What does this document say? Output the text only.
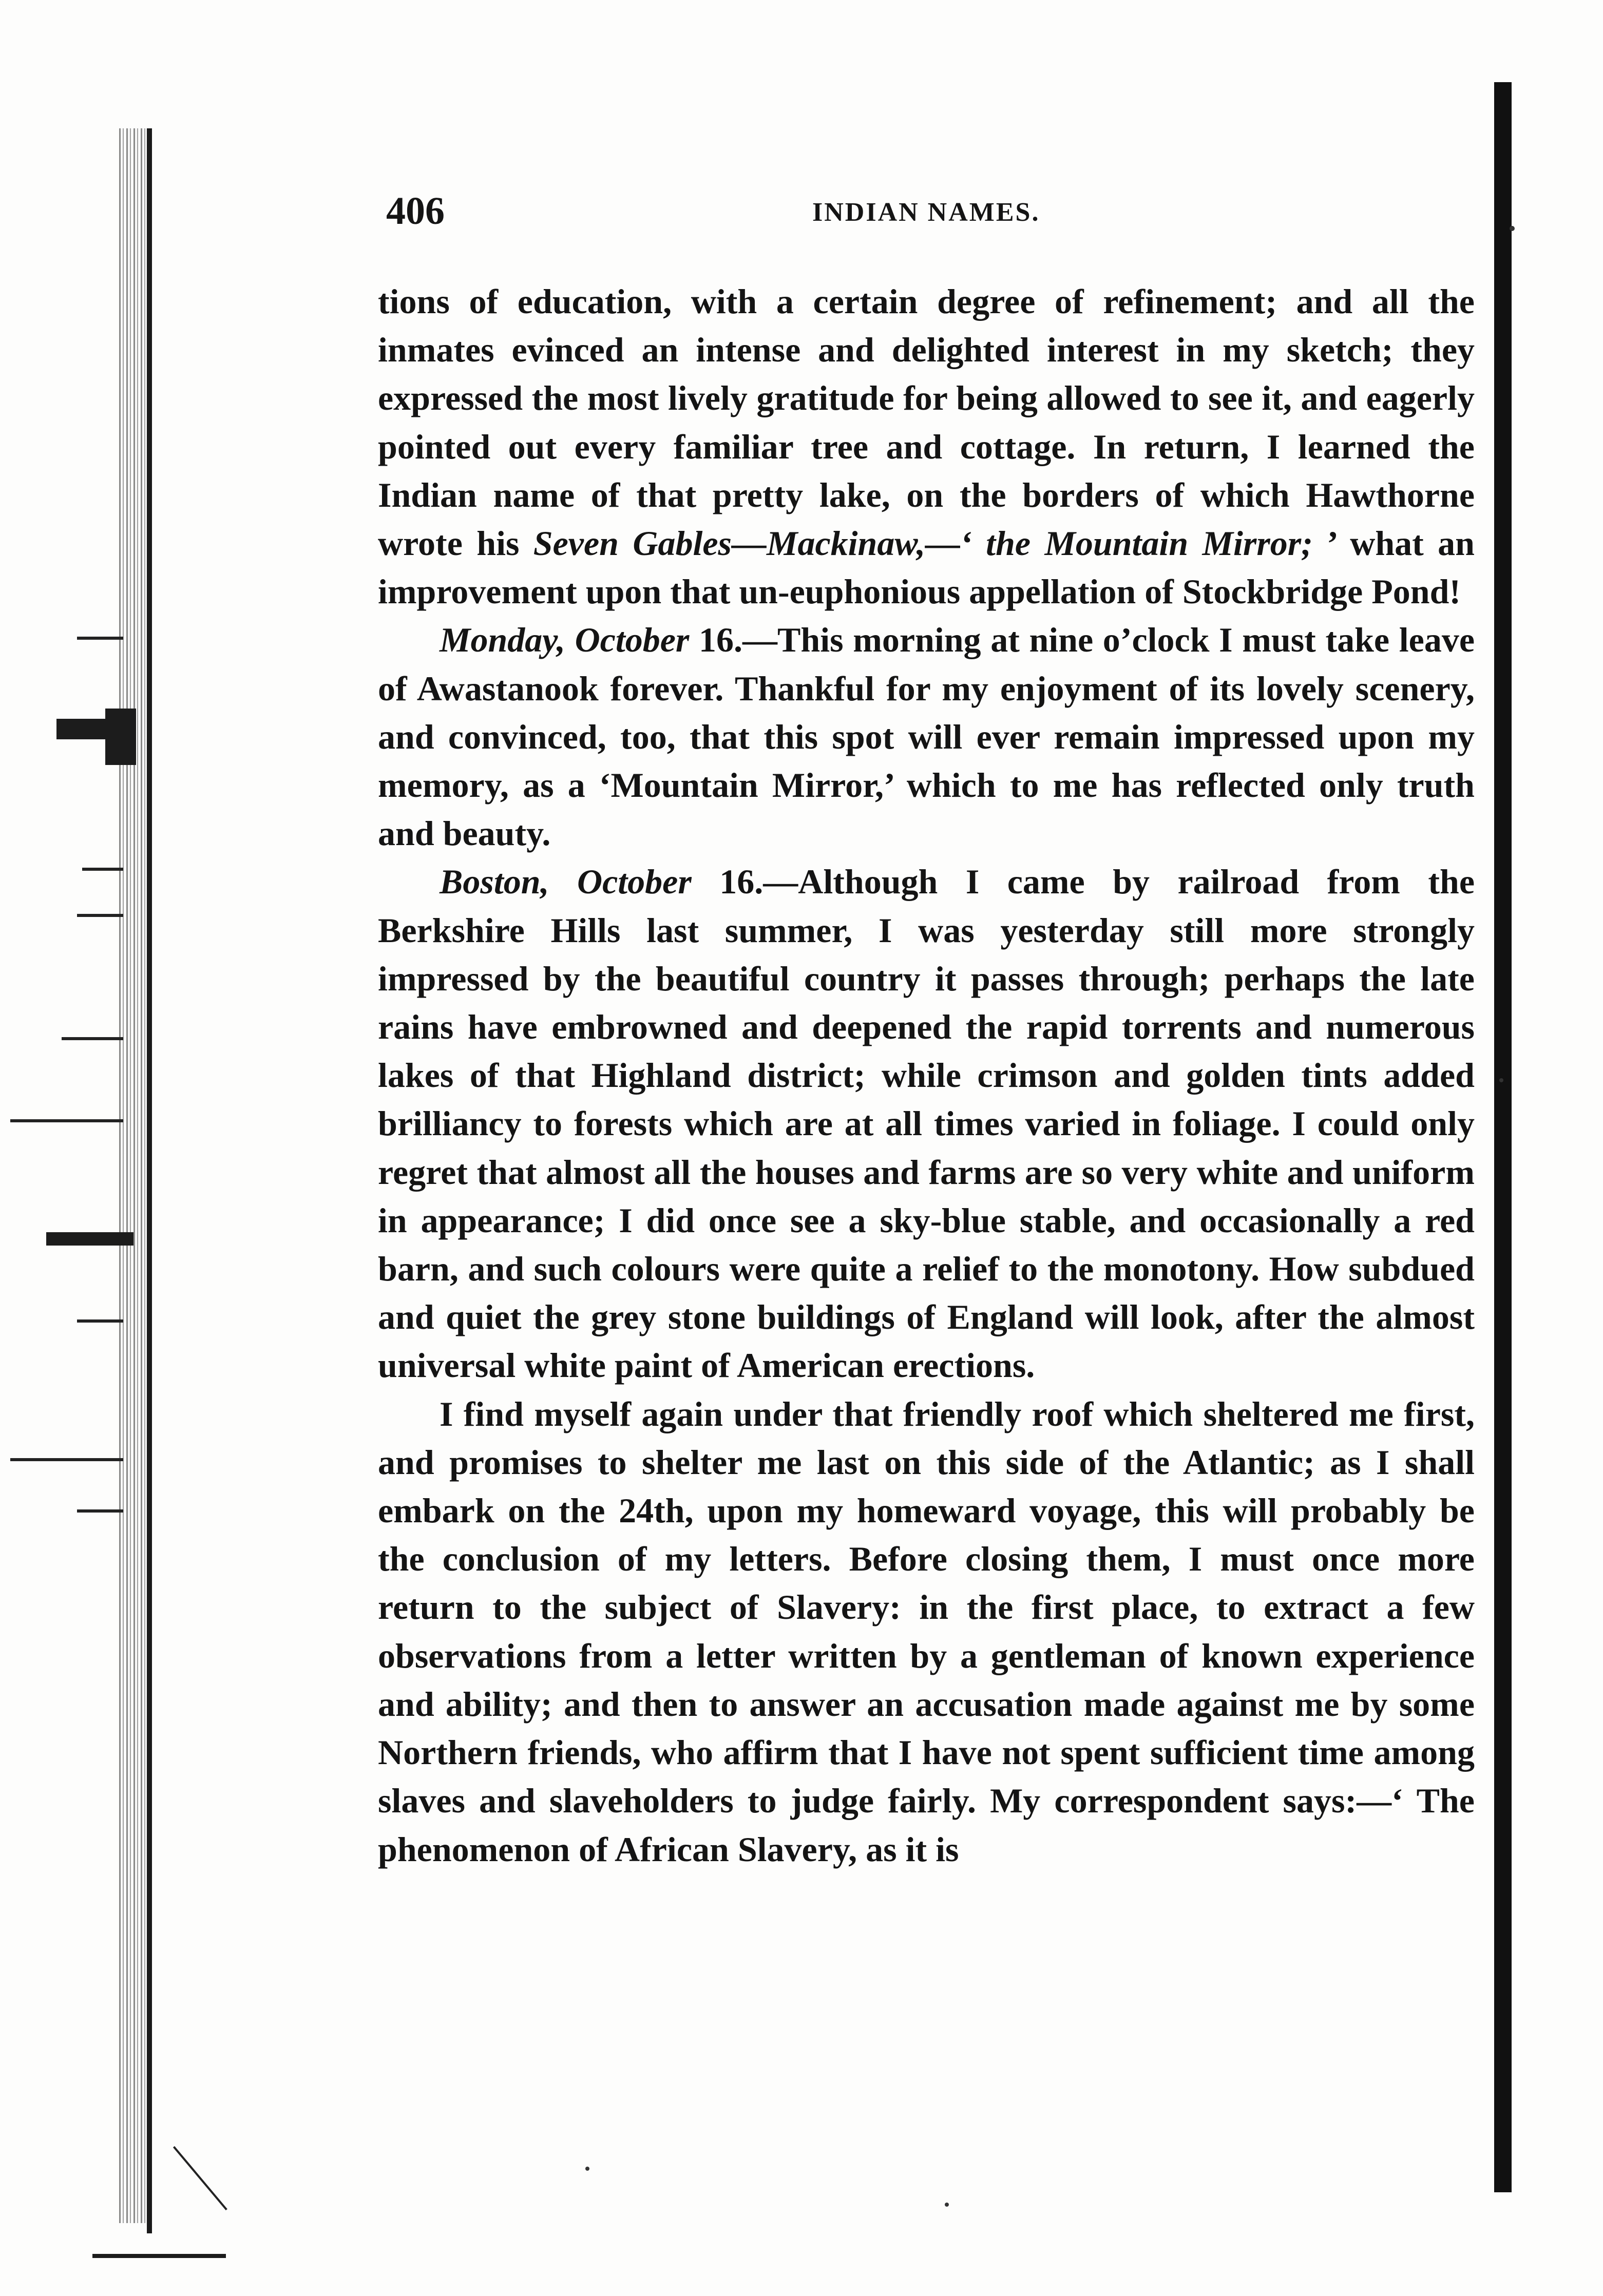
406	INDIAN NAMES.

tions of education, with a certain degree of refinement; and all the inmates evinced an intense and delighted interest in my sketch; they expressed the most lively gratitude for being allowed to see it, and eagerly pointed out every familiar tree and cottage. In return, I learned the Indian name of that pretty lake, on the borders of which Hawthorne wrote his Seven Gables—Mackinaw,—‘ the Mountain Mirror; ’ what an improvement upon that un-euphonious appellation of Stockbridge Pond!

Monday, October 16.—This morning at nine o’clock I must take leave of Awastanook forever. Thankful for my enjoyment of its lovely scenery, and convinced, too, that this spot will ever remain impressed upon my memory, as a ‘Mountain Mirror,’ which to me has reflected only truth and beauty.

Boston, October 16.—Although I came by railroad from the Berkshire Hills last summer, I was yesterday still more strongly impressed by the beautiful country it passes through; perhaps the late rains have embrowned and deepened the rapid torrents and numerous lakes of that Highland district; while crimson and golden tints added brilliancy to forests which are at all times varied in foliage. I could only regret that almost all the houses and farms are so very white and uniform in appearance; I did once see a sky-blue stable, and occasionally a red barn, and such colours were quite a relief to the monotony. How subdued and quiet the grey stone buildings of England will look, after the almost universal white paint of American erections.

I find myself again under that friendly roof which sheltered me first, and promises to shelter me last on this side of the Atlantic; as I shall embark on the 24th, upon my homeward voyage, this will probably be the conclusion of my letters. Before closing them, I must once more return to the subject of Slavery: in the first place, to extract a few observations from a letter written by a gentleman of known experience and ability; and then to answer an accusation made against me by some Northern friends, who affirm that I have not spent sufficient time among slaves and slaveholders to judge fairly. My correspondent says:—‘ The phenomenon of African Slavery, as it is
